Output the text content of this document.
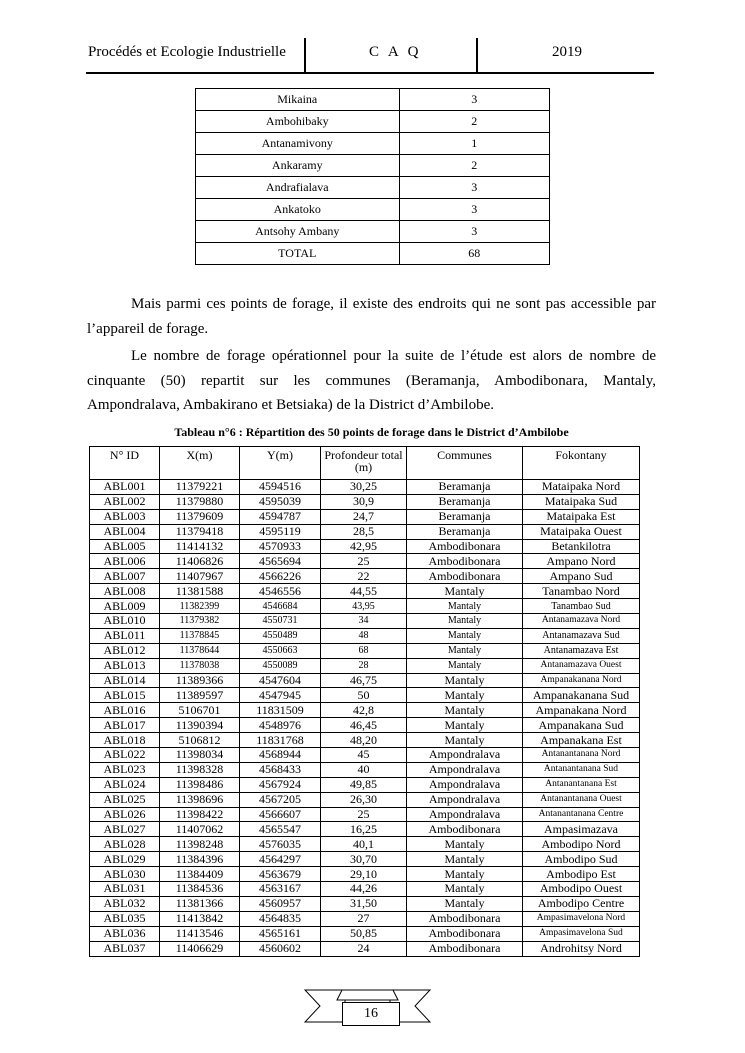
Procédés et Ecologie Industrielle	C A Q	2019
Mikaina	3
Ambohibaky	2
Antanamivony	1
Ankaramy	2
Andrafialava	3
Ankatoko	3
Antsohy Ambany	3
TOTAL	68
Mais parmi ces points de forage, il existe des endroits qui ne sont pas accessible par l’appareil de forage.
Le nombre de forage opérationnel pour la suite de l’étude est alors de nombre de cinquante (50) repartit sur les communes (Beramanja, Ambodibonara, Mantaly, Ampondralava, Ambakirano et Betsiaka) de la District d’Ambilobe.
Tableau n°6 : Répartition des 50 points de forage dans le District d’Ambilobe
N° ID	X(m)	Y(m)	Profondeur total (m)	Communes	Fokontany
ABL001	11379221	4594516	30,25	Beramanja	Mataipaka Nord
ABL002	11379880	4595039	30,9	Beramanja	Mataipaka Sud
ABL003	11379609	4594787	24,7	Beramanja	Mataipaka Est
ABL004	11379418	4595119	28,5	Beramanja	Mataipaka Ouest
ABL005	11414132	4570933	42,95	Ambodibonara	Betankilotra
ABL006	11406826	4565694	25	Ambodibonara	Ampano Nord
ABL007	11407967	4566226	22	Ambodibonara	Ampano Sud
ABL008	11381588	4546556	44,55	Mantaly	Tanambao Nord
ABL009	11382399	4546684	43,95	Mantaly	Tanambao Sud
ABL010	11379382	4550731	34	Mantaly	Antanamazava Nord
ABL011	11378845	4550489	48	Mantaly	Antanamazava Sud
ABL012	11378644	4550663	68	Mantaly	Antanamazava Est
ABL013	11378038	4550089	28	Mantaly	Antanamazava Ouest
ABL014	11389366	4547604	46,75	Mantaly	Ampanakanana Nord
ABL015	11389597	4547945	50	Mantaly	Ampanakanana Sud
ABL016	5106701	11831509	42,8	Mantaly	Ampanakana Nord
ABL017	11390394	4548976	46,45	Mantaly	Ampanakana Sud
ABL018	5106812	11831768	48,20	Mantaly	Ampanakana Est
ABL022	11398034	4568944	45	Ampondralava	Antanantanana Nord
ABL023	11398328	4568433	40	Ampondralava	Antanantanana Sud
ABL024	11398486	4567924	49,85	Ampondralava	Antanantanana Est
ABL025	11398696	4567205	26,30	Ampondralava	Antanantanana Ouest
ABL026	11398422	4566607	25	Ampondralava	Antanantanana Centre
ABL027	11407062	4565547	16,25	Ambodibonara	Ampasimazava
ABL028	11398248	4576035	40,1	Mantaly	Ambodipo Nord
ABL029	11384396	4564297	30,70	Mantaly	Ambodipo Sud
ABL030	11384409	4563679	29,10	Mantaly	Ambodipo Est
ABL031	11384536	4563167	44,26	Mantaly	Ambodipo Ouest
ABL032	11381366	4560957	31,50	Mantaly	Ambodipo Centre
ABL035	11413842	4564835	27	Ambodibonara	Ampasimavelona Nord
ABL036	11413546	4565161	50,85	Ambodibonara	Ampasimavelona Sud
ABL037	11406629	4560602	24	Ambodibonara	Androhitsy Nord
16
